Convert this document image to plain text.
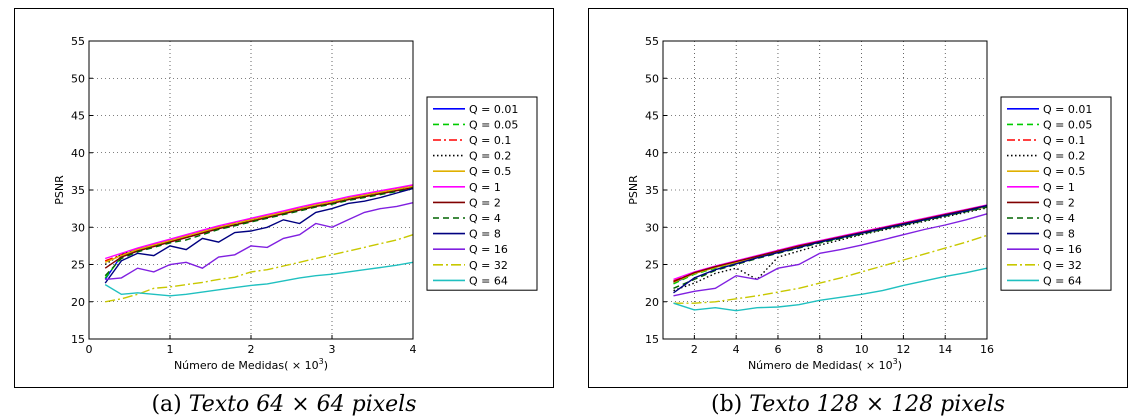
0	1	2	3	4
15
20
25
30
35
40
45
50
55
PSNR
Número de Medidas( × $10^3$)
Q = 0.01
Q = 0.05
Q = 0.1
Q = 0.2
Q = 0.5
Q = 1
Q = 2
Q = 4
Q = 8
Q = 16
Q = 32
Q = 64
2	4	6	8	10	12	14	16
15
20
25
30
35
40
45
50
55
PSNR
Número de Medidas( × $10^3$)
Q = 0.01
Q = 0.05
Q = 0.1
Q = 0.2
Q = 0.5
Q = 1
Q = 2
Q = 4
Q = 8
Q = 16
Q = 32
Q = 64
(a) Texto 64 × 64 pixels	(b) Texto 128 × 128 pixels
